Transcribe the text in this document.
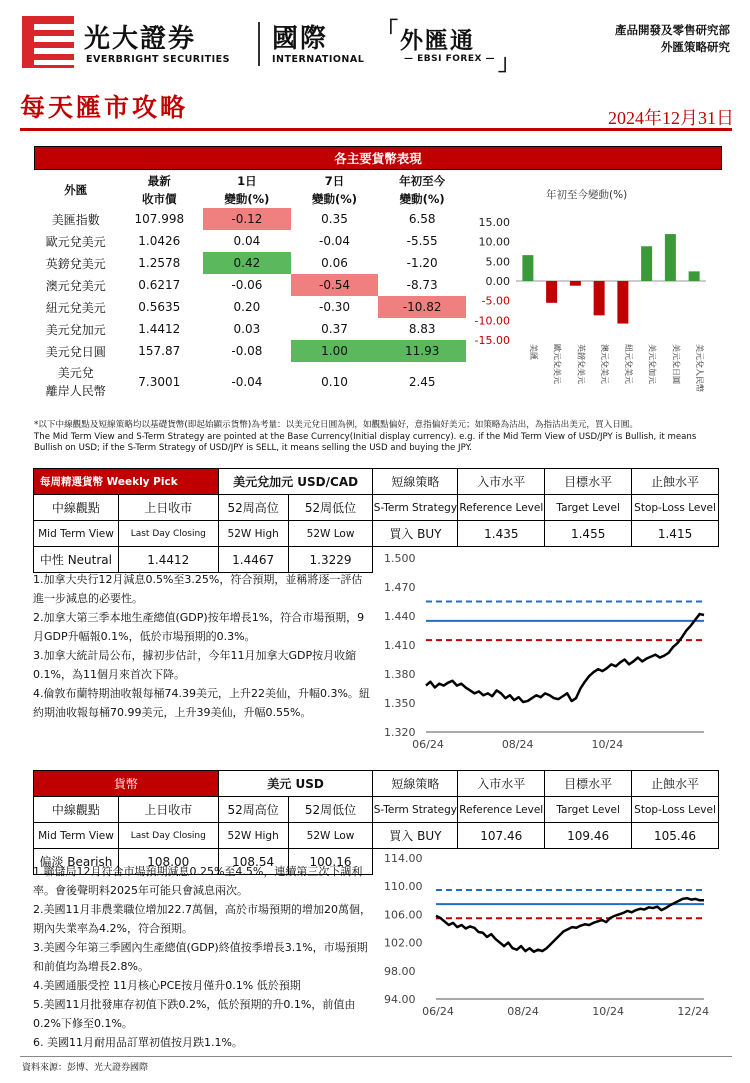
光大證券
EVERBRIGHT SECURITIES
國際
INTERNATIONAL
「 外匯通
— EBSI FOREX — 」
產品開發及零售研究部
外匯策略研究
每天匯市攻略	2024年12月31日
各主要貨幣表現
外匯	最新	1日	7日	年初至今
	收市價	變動(%)	變動(%)	變動(%)
美匯指數	107.998	-0.12	0.35	6.58
歐元兌美元	1.0426	0.04	-0.04	-5.55
英鎊兌美元	1.2578	0.42	0.06	-1.20
澳元兌美元	0.6217	-0.06	-0.54	-8.73
紐元兌美元	0.5635	0.20	-0.30	-10.82
美元兌加元	1.4412	0.03	0.37	8.83
美元兌日圓	157.87	-0.08	1.00	11.93

美元兌
離岸人民幣	7.3001	-0.04	0.10	2.45
年初至今變動(%)
15.00
10.00
5.00
0.00
-5.00
-10.00
-15.00
美匯 歐元兌美元 英鎊兌美元 澳元兌美元 紐元兌美元 美元兌加元 美元兌日圓 美元兌人民幣
*以下中線觀點及短線策略均以基礎貨幣(即起始顯示貨幣)為考量：以美元兌日圓為例，如觀點偏好，意指偏好美元；如策略為沽出，為指沽出美元，買入日圓。
The Mid Term View and S-Term Strategy are pointed at the Base Currency(Initial display currency). e.g. if the Mid Term View of USD/JPY is Bullish, it means
Bullish on USD; if the S-Term Strategy of USD/JPY is SELL, it means selling the USD and buying the JPY.
每周精選貨幣 Weekly Pick		美元兌加元 USD/CAD		短線策略	入市水平	目標水平	止蝕水平
中線觀點	上日收市	52周高位	52周低位	S-Term Strategy	Reference Level	Target Level	Stop-Loss Level
Mid Term View	Last Day Closing	52W High	52W Low	買入 BUY	1.435	1.455	1.415
中性 Neutral	1.4412	1.4467	1.3229				
1.加拿大央行12月減息0.5%至3.25%，符合預期，並稱將逐一評估進一步減息的必要性。
2.加拿大第三季本地生產總值(GDP)按年增長1%，符合市場預期，9月GDP升幅報0.1%，低於市場預期的0.3%。
3.加拿大統計局公布，據初步估計，今年11月加拿大GDP按月收縮0.1%，為11個月來首次下降。
4.倫敦布蘭特期油收報每桶74.39美元，上升22美仙，升幅0.3%。紐約期油收報每桶70.99美元，上升39美仙，升幅0.55%。
1.500
1.470
1.440
1.410
1.380
1.350
1.320
06/24	08/24	10/24
貨幣		美元 USD		短線策略	入市水平	目標水平	止蝕水平
中線觀點	上日收市	52周高位	52周低位	S-Term Strategy	Reference Level	Target Level	Stop-Loss Level
Mid Term View	Last Day Closing	52W High	52W Low	買入 BUY	107.46	109.46	105.46
偏淡 Bearish	108.00	108.54	100.16				
1.聯儲局12月符合市場預期減息0.25%至4.5%，連續第三次下調利率。會後聲明料2025年可能只會減息兩次。
2.美國11月非農業職位增加22.7萬個，高於市場預期的增加20萬個，期內失業率為4.2%，符合預期。
3.美國今年第三季國內生產總值(GDP)終值按季增長3.1%，市場預期和前值均為增長2.8%。
4.美國通脹受控 11月核心PCE按月僅升0.1% 低於預期
5.美國11月批發庫存初值下跌0.2%，低於預期的升0.1%，前值由0.2%下修至0.1%。
6. 美國11月耐用品訂單初值按月跌1.1%。
114.00
110.00
106.00
102.00
98.00
94.00
06/24	08/24	10/24	12/24
資料來源：彭博、光大證券國際
